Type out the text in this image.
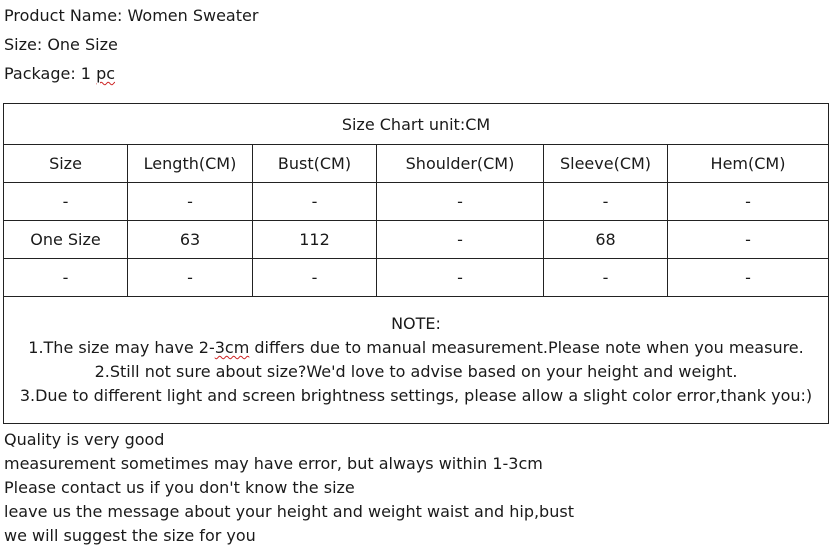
Product Name: Women Sweater
Size: One Size
Package: 1 pc
Size Chart unit:CM					
Size	Length(CM)	Bust(CM)	Shoulder(CM)	Sleeve(CM)	Hem(CM)
-	-	-	-	-	-
One Size	63	112	-	68	-
-	-	-	-	-	-

NOTE:
1.The size may have 2-3cm differs due to manual measurement.Please note when you measure.
2.Still not sure about size?We'd love to advise based on your height and weight.
3.Due to different light and screen brightness settings, please allow a slight color error,thank you:)					
Quality is very good
measurement sometimes may have error, but always within 1-3cm
Please contact us if you don't know the size
leave us the message about your height and weight waist and hip,bust
we will suggest the size for you
